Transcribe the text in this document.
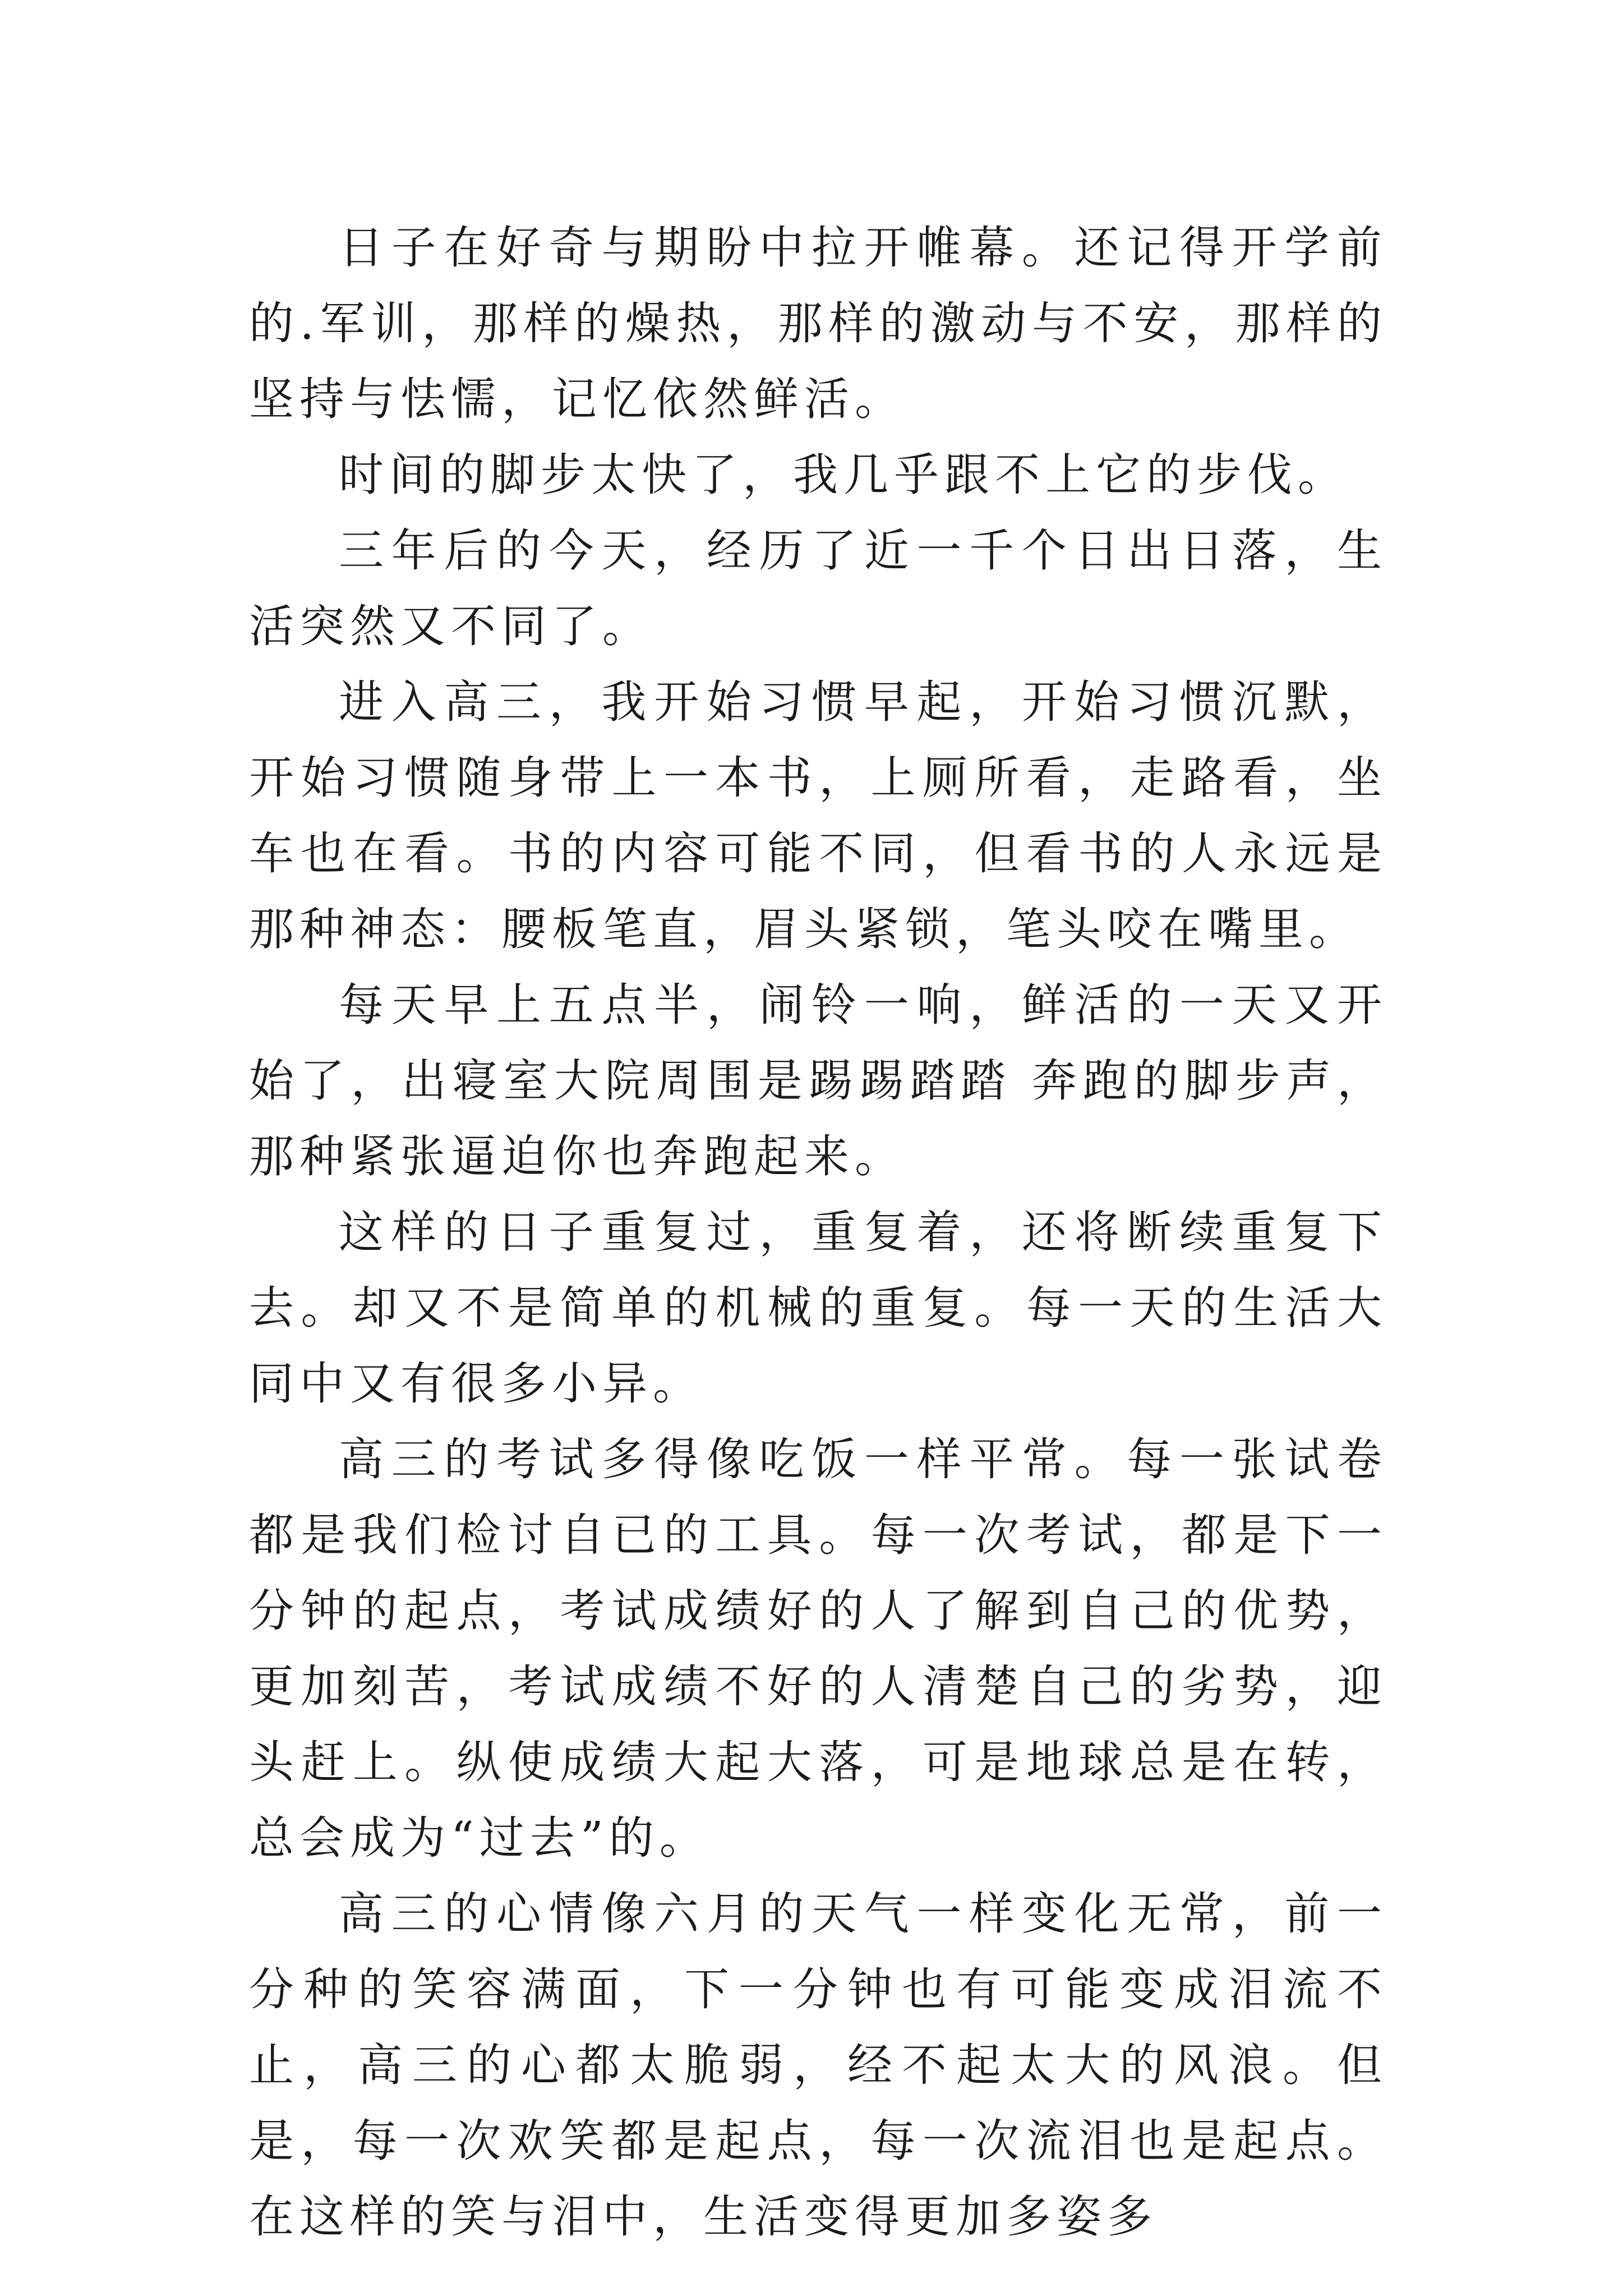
日子在好奇与期盼中拉开帷幕。还记得开学前的.军训，那样的燥热，那样的激动与不安，那样的坚持与怯懦，记忆依然鲜活。

时间的脚步太快了，我几乎跟不上它的步伐。

三年后的今天，经历了近一千个日出日落，生活突然又不同了。

进入高三，我开始习惯早起，开始习惯沉默，开始习惯随身带上一本书，上厕所看，走路看，坐车也在看。书的内容可能不同，但看书的人永远是那种神态：腰板笔直，眉头紧锁，笔头咬在嘴里。

每天早上五点半，闹铃一响，鲜活的一天又开始了，出寝室大院周围是踢踢踏踏 奔跑的脚步声，那种紧张逼迫你也奔跑起来。

这样的日子重复过，重复着，还将断续重复下去。却又不是简单的机械的重复。每一天的生活大同中又有很多小异。

高三的考试多得像吃饭一样平常。每一张试卷都是我们检讨自已的工具。每一次考试，都是下一分钟的起点，考试成绩好的人了解到自己的优势，更加刻苦，考试成绩不好的人清楚自己的劣势，迎头赶上。纵使成绩大起大落，可是地球总是在转，总会成为“过去”的。

高三的心情像六月的天气一样变化无常，前一分种的笑容满面，下一分钟也有可能变成泪流不止，高三的心都太脆弱，经不起太大的风浪。但是，每一次欢笑都是起点，每一次流泪也是起点。在这样的笑与泪中，生活变得更加多姿多
